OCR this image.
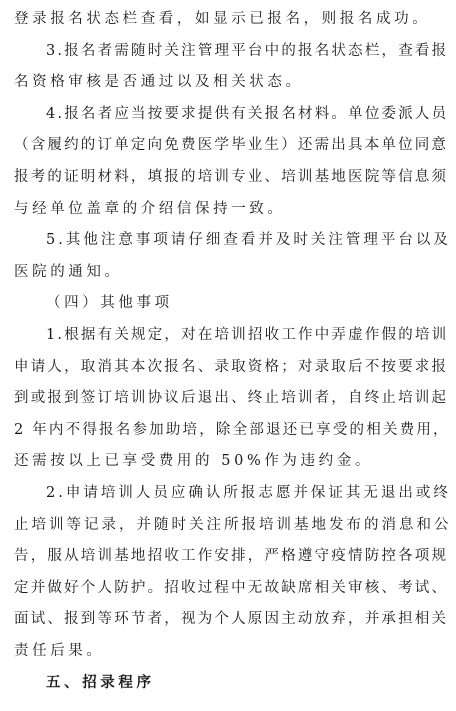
登录报名状态栏查看，如显示已报名，则报名成功。
3.报名者需随时关注管理平台中的报名状态栏，查看报
名资格审核是否通过以及相关状态。
4.报名者应当按要求提供有关报名材料。单位委派人员
（含履约的订单定向免费医学毕业生）还需出具本单位同意
报考的证明材料，填报的培训专业、培训基地医院等信息须
与经单位盖章的介绍信保持一致。
5.其他注意事项请仔细查看并及时关注管理平台以及
医院的通知。
（四）其他事项
1.根据有关规定，对在培训招收工作中弄虚作假的培训
申请人，取消其本次报名、录取资格；对录取后不按要求报
到或报到签订培训协议后退出、终止培训者，自终止培训起
2 年内不得报名参加助培，除全部退还已享受的相关费用，
还需按以上已享受费用的 50%作为违约金。
2.申请培训人员应确认所报志愿并保证其无退出或终
止培训等记录，并随时关注所报培训基地发布的消息和公
告，服从培训基地招收工作安排，严格遵守疫情防控各项规
定并做好个人防护。招收过程中无故缺席相关审核、考试、
面试、报到等环节者，视为个人原因主动放弃，并承担相关
责任后果。
五、招录程序
